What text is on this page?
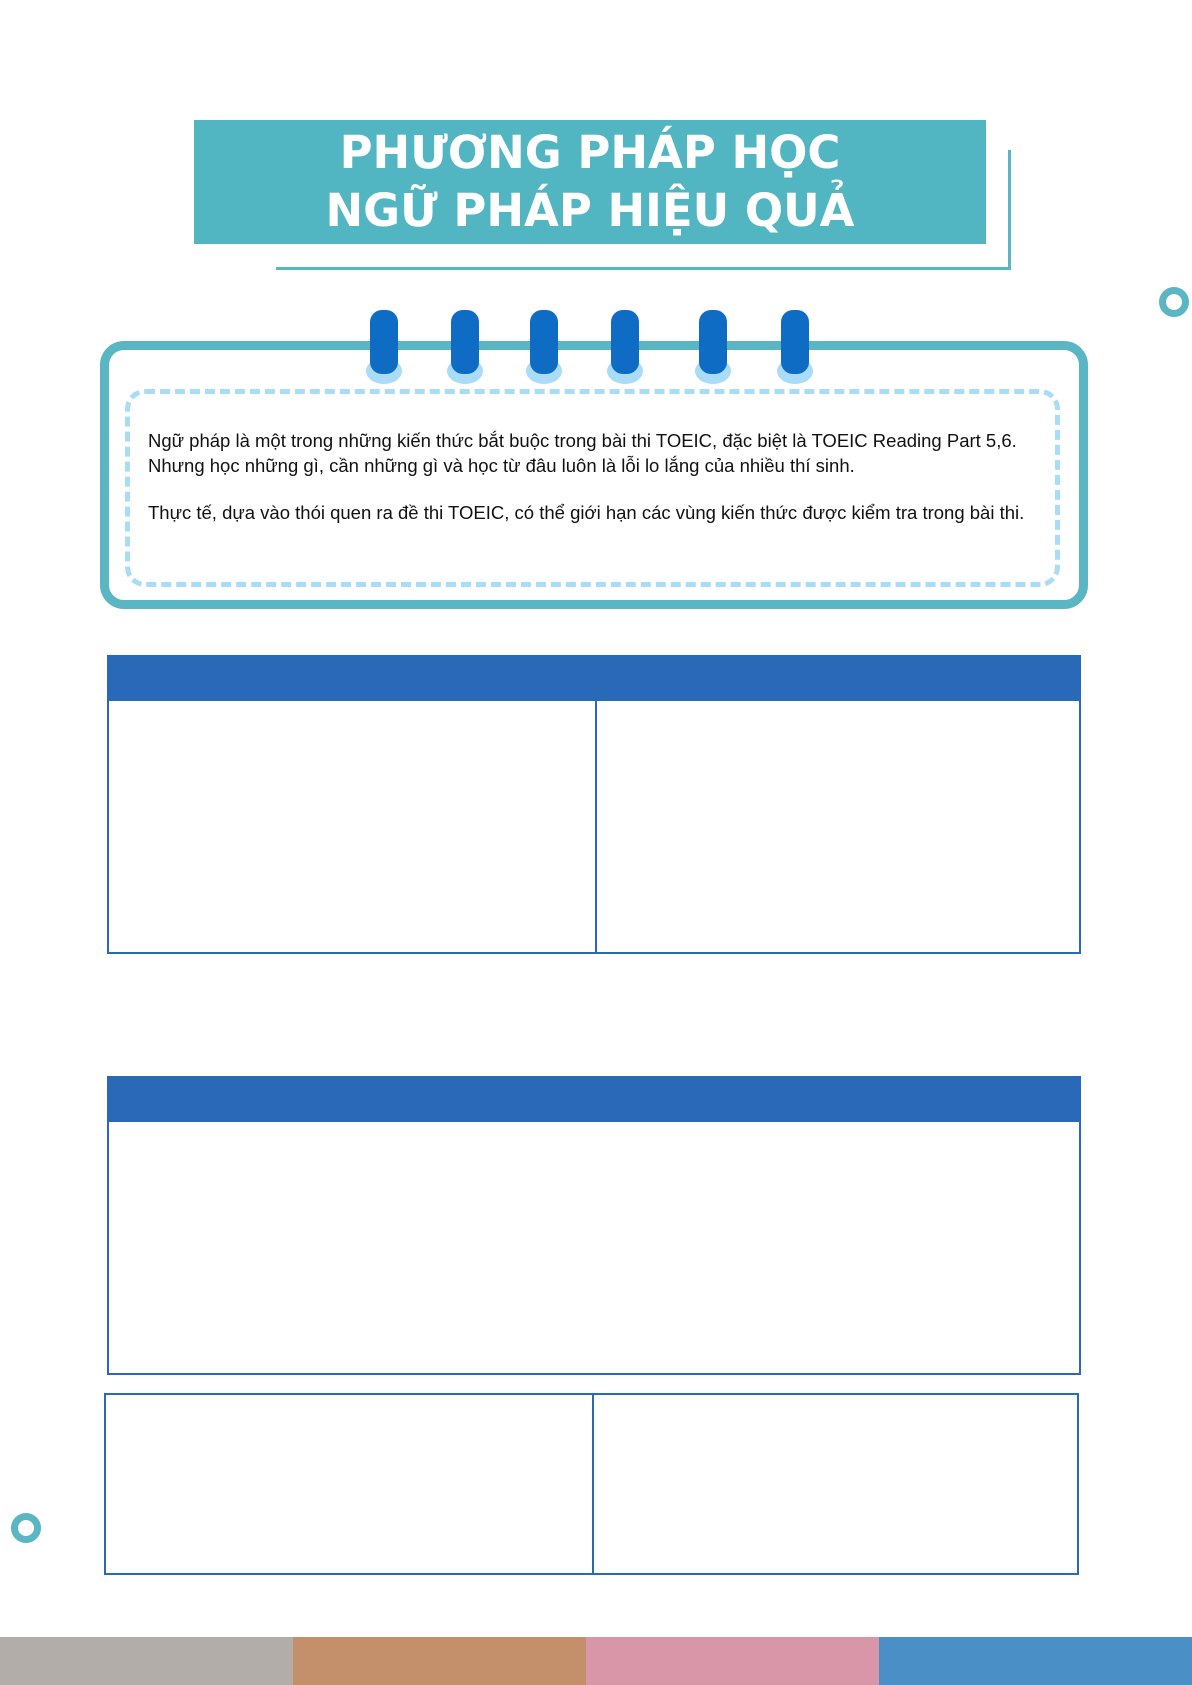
PHƯƠNG PHÁP HỌC
NGỮ PHÁP HIỆU QUẢ

Ngữ pháp là một trong những kiến thức bắt buộc trong bài thi TOEIC, đặc biệt là TOEIC Reading Part 5,6. Nhưng học những gì, cần những gì và học từ đâu luôn là lỗi lo lắng của nhiều thí sinh.

Thực tế, dựa vào thói quen ra đề thi TOEIC, có thể giới hạn các vùng kiến thức được kiểm tra trong bài thi.
